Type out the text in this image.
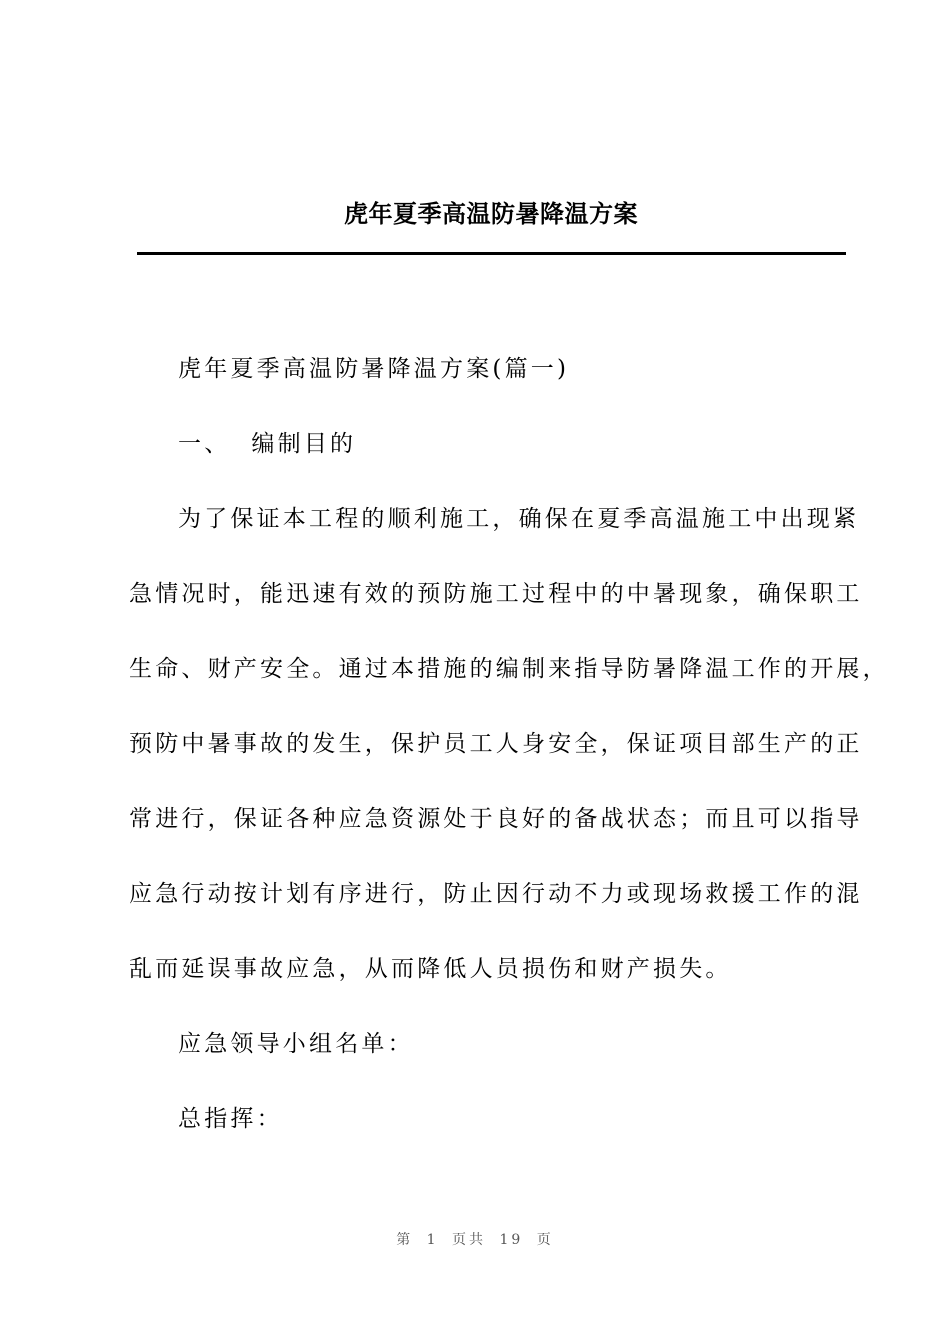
虎年夏季高温防暑降温方案
虎年夏季高温防暑降温方案(篇一)
一、  编制目的
为了保证本工程的顺利施工，确保在夏季高温施工中出现紧
急情况时，能迅速有效的预防施工过程中的中暑现象，确保职工
生命、财产安全。通过本措施的编制来指导防暑降温工作的开展，
预防中暑事故的发生，保护员工人身安全，保证项目部生产的正
常进行，保证各种应急资源处于良好的备战状态；而且可以指导
应急行动按计划有序进行，防止因行动不力或现场救援工作的混
乱而延误事故应急，从而降低人员损伤和财产损失。
应急领导小组名单：
总指挥：
第 1 页共 19 页
